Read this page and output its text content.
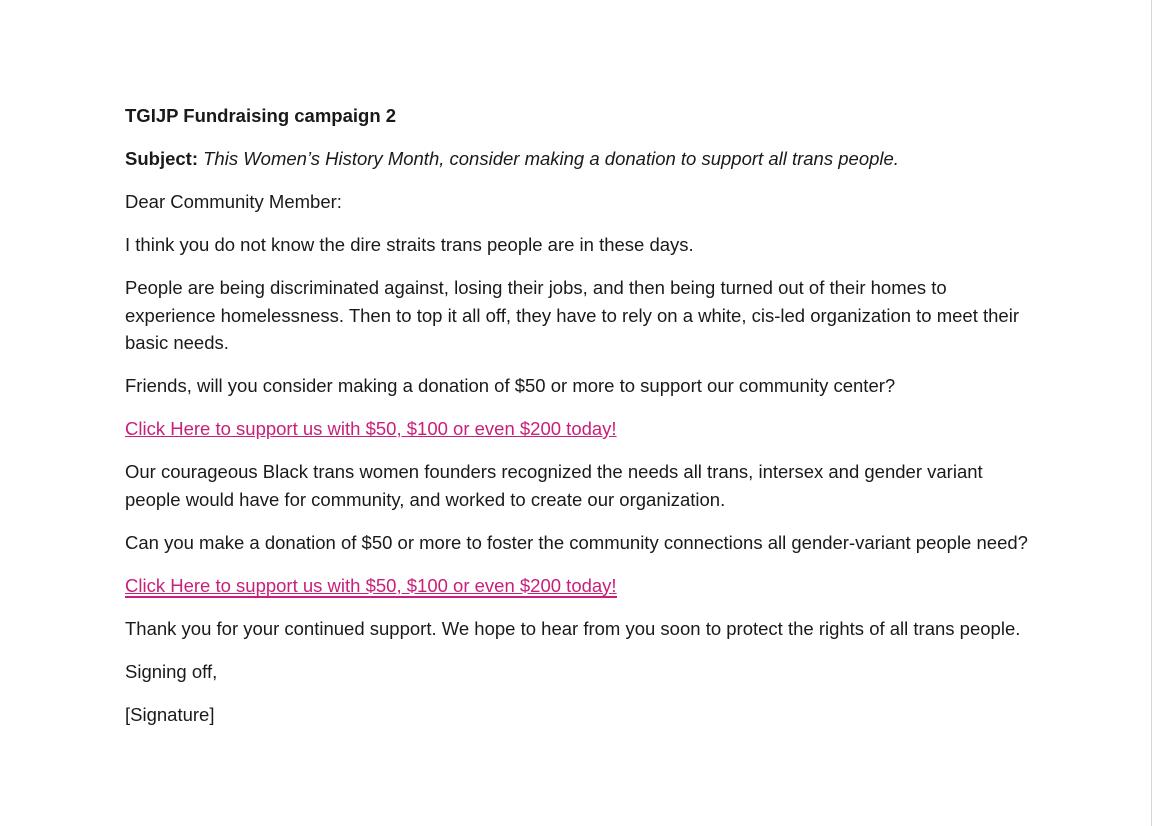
TGIJP Fundraising campaign 2

Subject: This Women’s History Month, consider making a donation to support all trans people.

Dear Community Member:

I think you do not know the dire straits trans people are in these days.

People are being discriminated against, losing their jobs, and then being turned out of their homes to experience homelessness. Then to top it all off, they have to rely on a white, cis-led organization to meet their basic needs.

Friends, will you consider making a donation of $50 or more to support our community center?

Click Here to support us with $50, $100 or even $200 today!

Our courageous Black trans women founders recognized the needs all trans, intersex and gender variant people would have for community, and worked to create our organization.

Can you make a donation of $50 or more to foster the community connections all gender-variant people need?

Click Here to support us with $50, $100 or even $200 today!

Thank you for your continued support. We hope to hear from you soon to protect the rights of all trans people.

Signing off,

[Signature]
